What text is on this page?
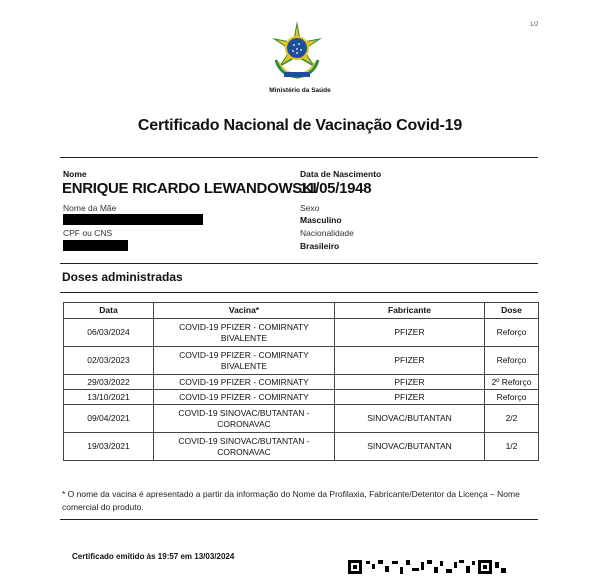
1/2
Ministério da Saúde
Certificado Nacional de Vacinação Covid-19
Nome
ENRIQUE RICARDO LEWANDOWSKI
Nome da Mãe
CPF ou CNS
Data de Nascimento
11/05/1948
Sexo
Masculino
Nacionalidade
Brasileiro
Doses administradas
Data	Vacina*	Fabricante	Dose
06/03/2024	COVID-19 PFIZER - COMIRNATY BIVALENTE	PFIZER	Reforço
02/03/2023	COVID-19 PFIZER - COMIRNATY BIVALENTE	PFIZER	Reforço
29/03/2022	COVID-19 PFIZER - COMIRNATY	PFIZER	2º Reforço
13/10/2021	COVID-19 PFIZER - COMIRNATY	PFIZER	Reforço
09/04/2021	COVID-19 SINOVAC/BUTANTAN - CORONAVAC	SINOVAC/BUTANTAN	2/2
19/03/2021	COVID-19 SINOVAC/BUTANTAN - CORONAVAC	SINOVAC/BUTANTAN	1/2
* O nome da vacina é apresentado a partir da informação do Nome da Profilaxia, Fabricante/Detentor da Licença – Nome comercial do produto.
Certificado emitido às 19:57 em 13/03/2024
